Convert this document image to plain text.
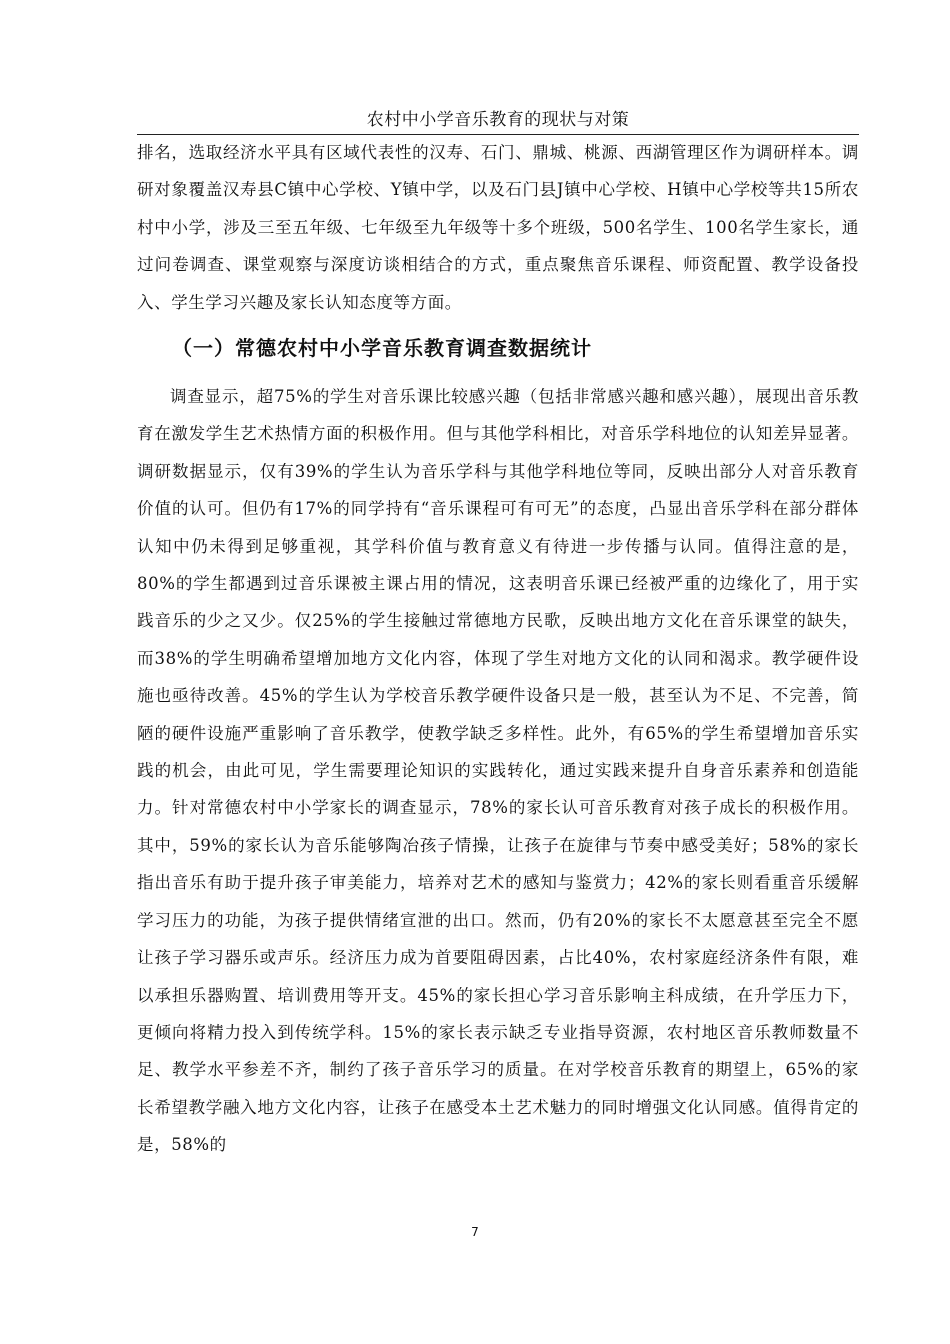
农村中小学音乐教育的现状与对策

排名，选取经济水平具有区域代表性的汉寿、石门、鼎城、桃源、西湖管理区作为调研样本。调研对象覆盖汉寿县C镇中心学校、Y镇中学，以及石门县J镇中心学校、H镇中心学校等共15所农村中小学，涉及三至五年级、七年级至九年级等十多个班级，500名学生、100名学生家长，通过问卷调查、课堂观察与深度访谈相结合的方式，重点聚焦音乐课程、师资配置、教学设备投入、学生学习兴趣及家长认知态度等方面。

（一）常德农村中小学音乐教育调查数据统计

调查显示，超75%的学生对音乐课比较感兴趣（包括非常感兴趣和感兴趣），展现出音乐教育在激发学生艺术热情方面的积极作用。但与其他学科相比，对音乐学科地位的认知差异显著。调研数据显示，仅有39%的学生认为音乐学科与其他学科地位等同，反映出部分人对音乐教育价值的认可。但仍有17%的同学持有“音乐课程可有可无”的态度，凸显出音乐学科在部分群体认知中仍未得到足够重视，其学科价值与教育意义有待进一步传播与认同。值得注意的是，80%的学生都遇到过音乐课被主课占用的情况，这表明音乐课已经被严重的边缘化了，用于实践音乐的少之又少。仅25%的学生接触过常德地方民歌，反映出地方文化在音乐课堂的缺失，而38%的学生明确希望增加地方文化内容，体现了学生对地方文化的认同和渴求。教学硬件设施也亟待改善。45%的学生认为学校音乐教学硬件设备只是一般，甚至认为不足、不完善，简陋的硬件设施严重影响了音乐教学，使教学缺乏多样性。此外，有65%的学生希望增加音乐实践的机会，由此可见，学生需要理论知识的实践转化，通过实践来提升自身音乐素养和创造能力。针对常德农村中小学家长的调查显示，78%的家长认可音乐教育对孩子成长的积极作用。其中，59%的家长认为音乐能够陶冶孩子情操，让孩子在旋律与节奏中感受美好；58%的家长指出音乐有助于提升孩子审美能力，培养对艺术的感知与鉴赏力；42%的家长则看重音乐缓解学习压力的功能，为孩子提供情绪宣泄的出口。然而，仍有20%的家长不太愿意甚至完全不愿让孩子学习器乐或声乐。经济压力成为首要阻碍因素，占比40%，农村家庭经济条件有限，难以承担乐器购置、培训费用等开支。45%的家长担心学习音乐影响主科成绩，在升学压力下，更倾向将精力投入到传统学科。15%的家长表示缺乏专业指导资源，农村地区音乐教师数量不足、教学水平参差不齐，制约了孩子音乐学习的质量。在对学校音乐教育的期望上，65%的家长希望教学融入地方文化内容，让孩子在感受本土艺术魅力的同时增强文化认同感。值得肯定的是，58%的

7
